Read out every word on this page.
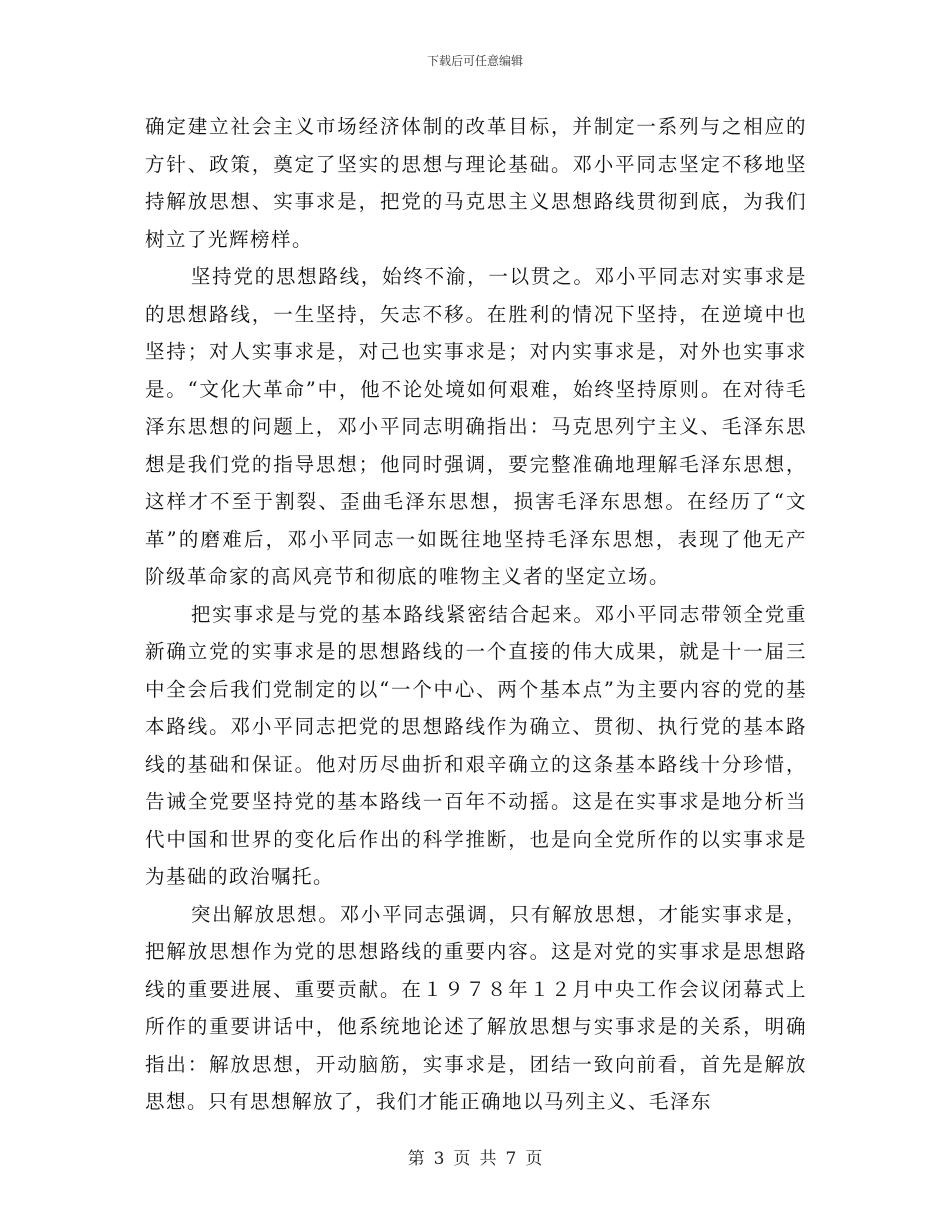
下载后可任意编辑

确定建立社会主义市场经济体制的改革目标，并制定一系列与之相应的方针、政策，奠定了坚实的思想与理论基础。邓小平同志坚定不移地坚持解放思想、实事求是，把党的马克思主义思想路线贯彻到底，为我们树立了光辉榜样。

坚持党的思想路线，始终不渝，一以贯之。邓小平同志对实事求是的思想路线，一生坚持，矢志不移。在胜利的情况下坚持，在逆境中也坚持；对人实事求是，对己也实事求是；对内实事求是，对外也实事求是。“文化大革命”中，他不论处境如何艰难，始终坚持原则。在对待毛泽东思想的问题上，邓小平同志明确指出：马克思列宁主义、毛泽东思想是我们党的指导思想；他同时强调，要完整准确地理解毛泽东思想，这样才不至于割裂、歪曲毛泽东思想，损害毛泽东思想。在经历了“文革”的磨难后，邓小平同志一如既往地坚持毛泽东思想，表现了他无产阶级革命家的高风亮节和彻底的唯物主义者的坚定立场。

把实事求是与党的基本路线紧密结合起来。邓小平同志带领全党重新确立党的实事求是的思想路线的一个直接的伟大成果，就是十一届三中全会后我们党制定的以“一个中心、两个基本点”为主要内容的党的基本路线。邓小平同志把党的思想路线作为确立、贯彻、执行党的基本路线的基础和保证。他对历尽曲折和艰辛确立的这条基本路线十分珍惜，告诫全党要坚持党的基本路线一百年不动摇。这是在实事求是地分析当代中国和世界的变化后作出的科学推断，也是向全党所作的以实事求是为基础的政治嘱托。

突出解放思想。邓小平同志强调，只有解放思想，才能实事求是，把解放思想作为党的思想路线的重要内容。这是对党的实事求是思想路线的重要进展、重要贡献。在１９７８年１２月中央工作会议闭幕式上所作的重要讲话中，他系统地论述了解放思想与实事求是的关系，明确指出：解放思想，开动脑筋，实事求是，团结一致向前看，首先是解放思想。只有思想解放了，我们才能正确地以马列主义、毛泽东

第 3 页 共 7 页
